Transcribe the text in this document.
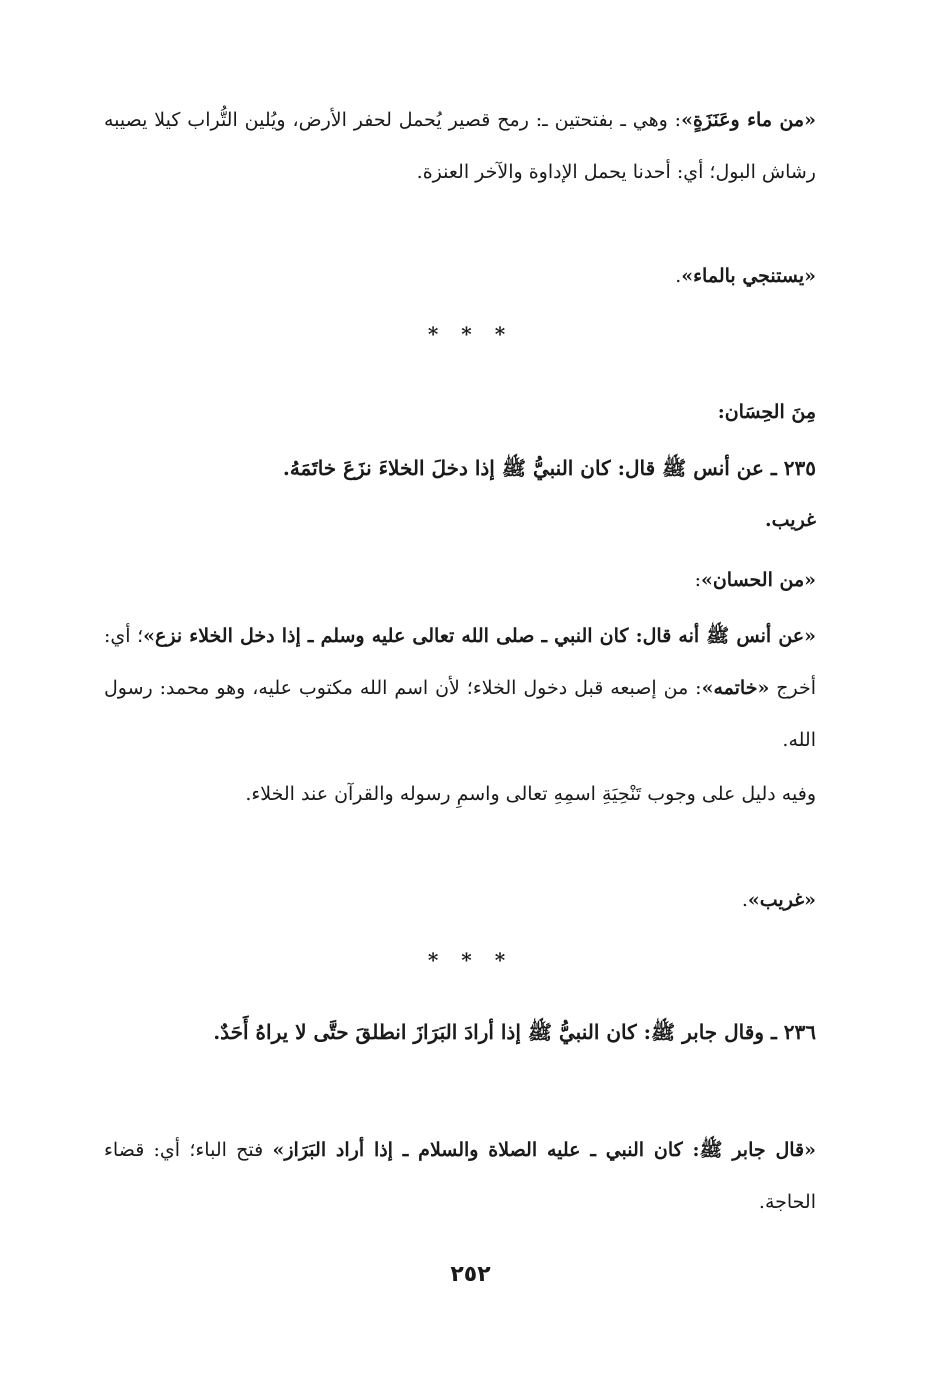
«من ماء وعَنَزَةٍ»: وهي ـ بفتحتين ـ: رمح قصير يُحمل لحفر الأرض، ويُلين التُّراب كيلا يصيبه رشاش البول؛ أي: أحدنا يحمل الإداوة والآخر العنزة.

«يستنجي بالماء».

* * *

مِنَ الحِسَان:

٢٣٥ ـ عن أنس ﷺ قال: كان النبيُّ ﷺ إذا دخلَ الخلاءَ نزَعَ خاتَمَهُ.

غريب.

«من الحسان»:

«عن أنس ﷺ أنه قال: كان النبي ـ صلى الله تعالى عليه وسلم ـ إذا دخل الخلاء نزع»؛ أي: أخرج «خاتمه»: من إصبعه قبل دخول الخلاء؛ لأن اسم الله مكتوب عليه، وهو محمد: رسول الله.

وفيه دليل على وجوب تَنْحِيَةِ اسمِهِ تعالى واسمِ رسوله والقرآن عند الخلاء.

«غريب».

* * *

٢٣٦ ـ وقال جابر ﷺ: كان النبيُّ ﷺ إذا أرادَ البَرَازَ انطلقَ حتَّى لا يراهُ أَحَدٌ.

«قال جابر ﷺ: كان النبي ـ عليه الصلاة والسلام ـ إذا أراد البَرَاز» فتح الباء؛ أي: قضاء الحاجة.

٢٥٢
